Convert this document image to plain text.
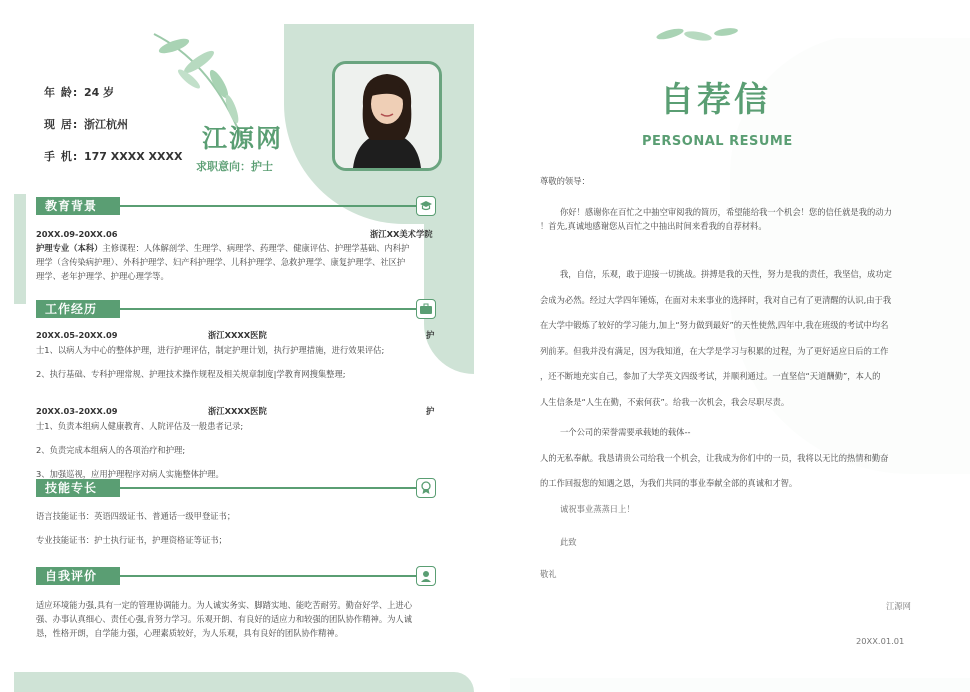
年 龄: 24 岁
现 居: 浙江杭州
手 机: 177 XXXX XXXX
江源网
求职意向：护士
教育背景
20XX.09-20XX.06	浙江XX美术学院
护理专业（本科）主修课程：人体解剖学、生理学、病理学、药理学、健康评估、护理学基础、内科护
理学（含传染病护理）、外科护理学、妇产科护理学、儿科护理学、急救护理学、康复护理学、社区护
理学、老年护理学、护理心理学等。
工作经历
20XX.05-20XX.09	浙江XXXX医院	护
士1、以病人为中心的整体护理，进行护理评估，制定护理计划，执行护理措施，进行效果评估;
2、执行基础、专科护理常规、护理技术操作规程及相关规章制度|学教育网搜集整理;
20XX.03-20XX.09	浙江XXXX医院	护
士1、负责本组病人健康教育、人院评估及一般患者记录;
2、负责完成本组病人的各项治疗和护理;
3、加强巡视，应用护理程序对病人实施整体护理。
技能专长
语言技能证书：英语四级证书、普通话一级甲登证书；
专业技能证书：护士执行证书，护理资格证等证书；
自我评价
适应环境能力强,具有一定的管理协调能力。为人诚实务实、脚踏实地、能吃苦耐劳。勤奋好学、上进心
强、办事认真细心、责任心强,肯努力学习。乐观开朗、有良好的适应力和较强的团队协作精神。为人诚
恳，性格开朗，自学能力强，心理素质较好，为人乐观，具有良好的团队协作精神。
自荐信
PERSONAL RESUME
尊敬的领导：
你好！感谢你在百忙之中抽空审阅我的简历，希望能给我一个机会！您的信任就是我的动力
！首先,真诚地感谢您从百忙之中抽出时间来看我的自荐材料。
我，自信，乐观，敢于迎接一切挑战。拼搏是我的天性，努力是我的责任，我坚信，成功定
会成为必然。经过大学四年锤炼，在面对未来事业的选择时，我对自己有了更清醒的认识,由于我
在大学中锻炼了较好的学习能力,加上“努力做到最好”的天性使然,四年中,我在班级的考试中均名
列前茅。但我并没有满足，因为我知道，在大学是学习与积累的过程，为了更好适应日后的工作
，还不断地充实自己，参加了大学英文四级考试，并顺利通过。一直坚信“天道酬勤”，本人的
人生信条是“人生在勤，不索何获”。给我一次机会，我会尽职尽责。
一个公司的荣誉需要承载她的载体--
人的无私奉献。我恳请贵公司给我一个机会，让我成为你们中的一员，我将以无比的热情和勤奋
的工作回报您的知遇之恩，为我们共同的事业奉献全部的真诚和才智。
诚祝事业蒸蒸日上！
此致
敬礼
江源网
20XX.01.01
